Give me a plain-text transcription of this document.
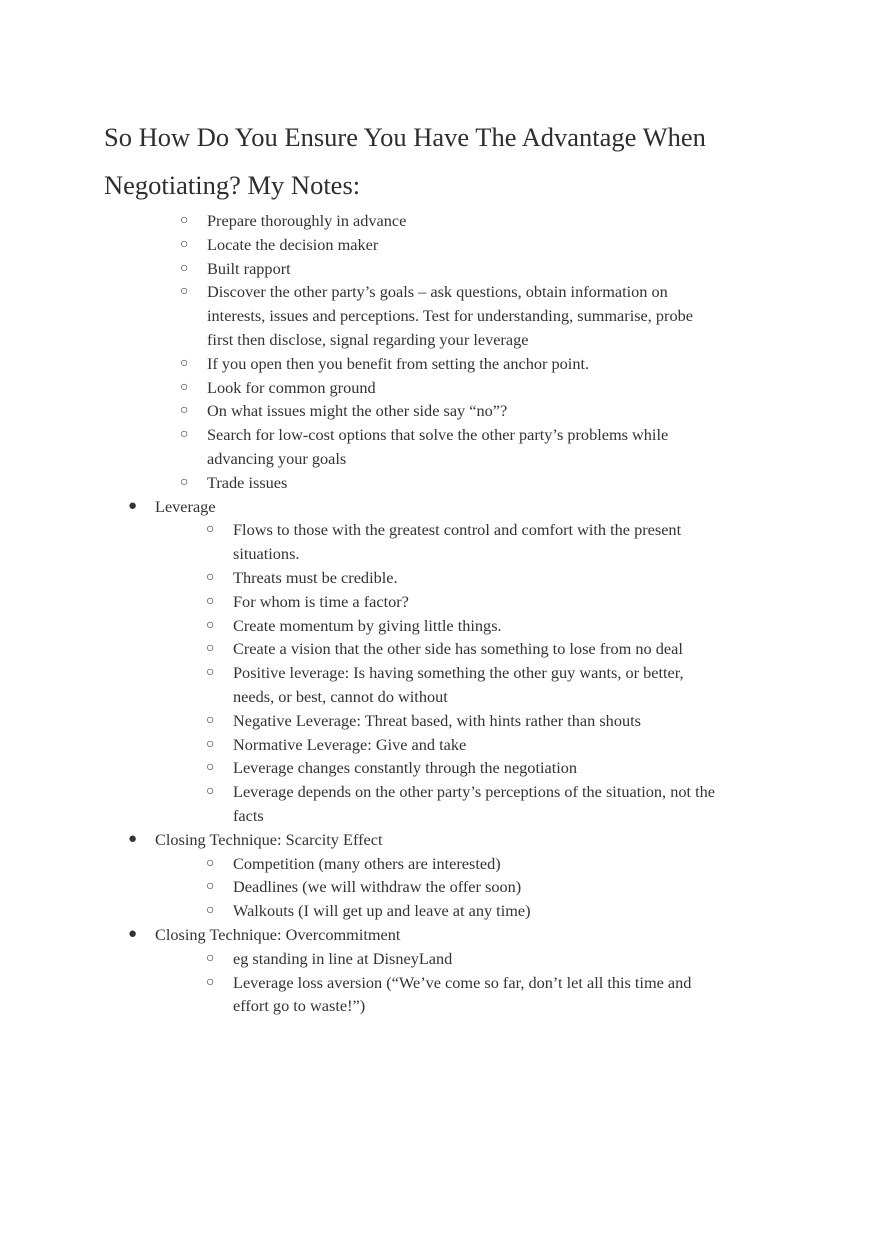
So How Do You Ensure You Have The Advantage When Negotiating? My Notes:
○ Prepare thoroughly in advance
○ Locate the decision maker
○ Built rapport
○ Discover the other party’s goals – ask questions, obtain information on interests, issues and perceptions. Test for understanding, summarise, probe first then disclose, signal regarding your leverage
○ If you open then you benefit from setting the anchor point.
○ Look for common ground
○ On what issues might the other side say “no”?
○ Search for low-cost options that solve the other party’s problems while advancing your goals
○ Trade issues
● Leverage
○ Flows to those with the greatest control and comfort with the present situations.
○ Threats must be credible.
○ For whom is time a factor?
○ Create momentum by giving little things.
○ Create a vision that the other side has something to lose from no deal
○ Positive leverage: Is having something the other guy wants, or better, needs, or best, cannot do without
○ Negative Leverage: Threat based, with hints rather than shouts
○ Normative Leverage: Give and take
○ Leverage changes constantly through the negotiation
○ Leverage depends on the other party’s perceptions of the situation, not the facts
● Closing Technique: Scarcity Effect
○ Competition (many others are interested)
○ Deadlines (we will withdraw the offer soon)
○ Walkouts (I will get up and leave at any time)
● Closing Technique: Overcommitment
○ eg standing in line at DisneyLand
○ Leverage loss aversion (“We’ve come so far, don’t let all this time and effort go to waste!”)
